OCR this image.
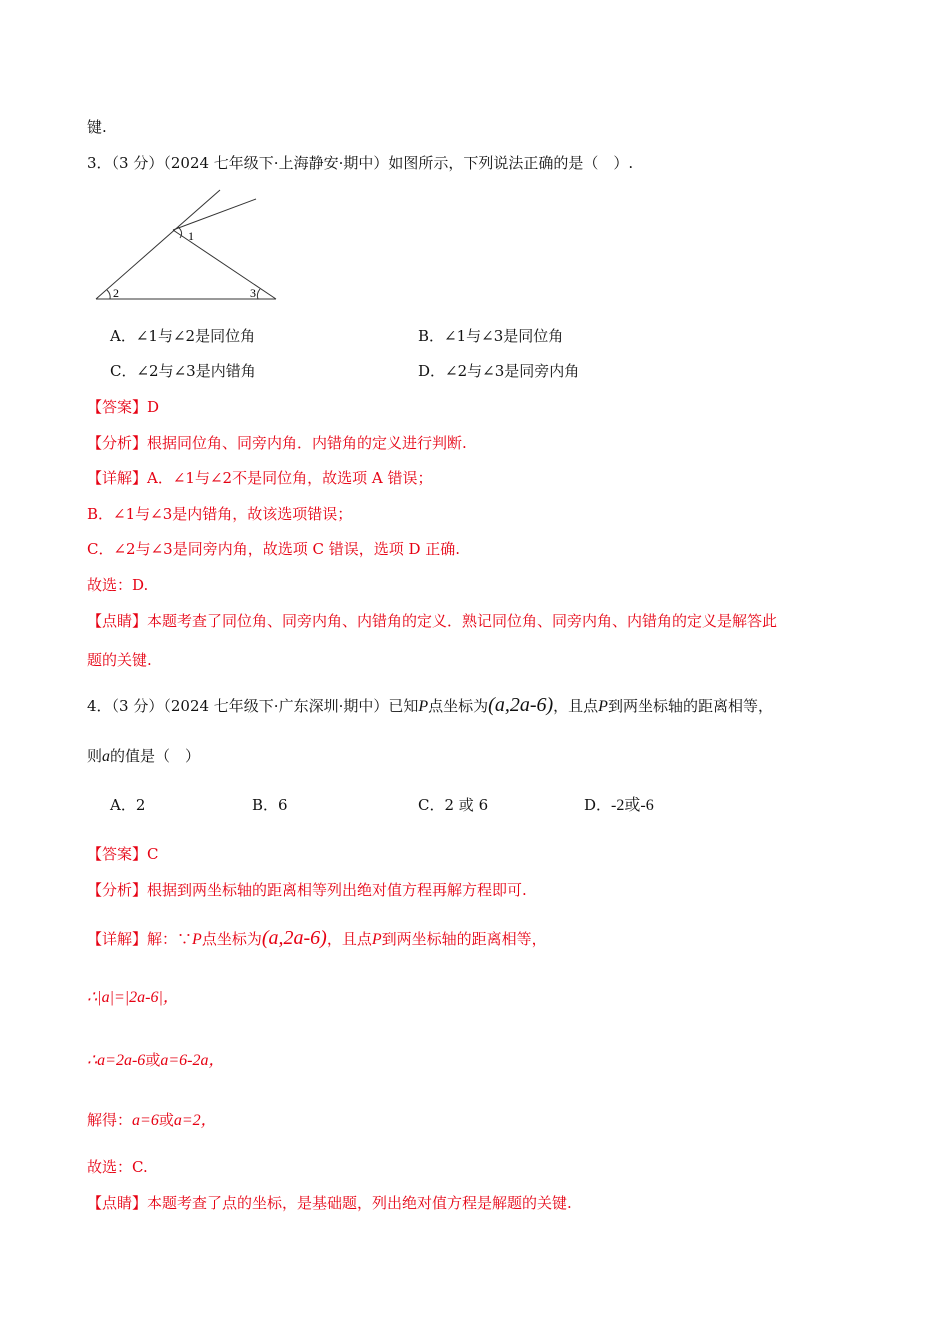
键.
3．（3 分）（2024 七年级下·上海静安·期中）如图所示，下列说法正确的是（　）.
1
2	3
A．∠1与∠2是同位角	B．∠1与∠3是同位角
C．∠2与∠3是内错角	D．∠2与∠3是同旁内角
【答案】D
【分析】根据同位角、同旁内角．内错角的定义进行判断.
【详解】A．∠1与∠2不是同位角，故选项 A 错误；
B．∠1与∠3是内错角，故该选项错误；
C．∠2与∠3是同旁内角，故选项 C 错误，选项 D 正确.
故选：D.
【点睛】本题考查了同位角、同旁内角、内错角的定义．熟记同位角、同旁内角、内错角的定义是解答此
题的关键.
4．（3 分）（2024 七年级下·广东深圳·期中）已知P点坐标为(a,2a-6)，且点P到两坐标轴的距离相等，
则a的值是（　）
A．2	B．6	C．2 或 6	D．-2或-6
【答案】C
【分析】根据到两坐标轴的距离相等列出绝对值方程再解方程即可.
【详解】解：∵P点坐标为(a,2a-6)，且点P到两坐标轴的距离相等，
∴|a|=|2a-6|，
∴a=2a-6或a=6-2a，
解得：a=6或a=2，
故选：C.
【点睛】本题考查了点的坐标，是基础题，列出绝对值方程是解题的关键.
